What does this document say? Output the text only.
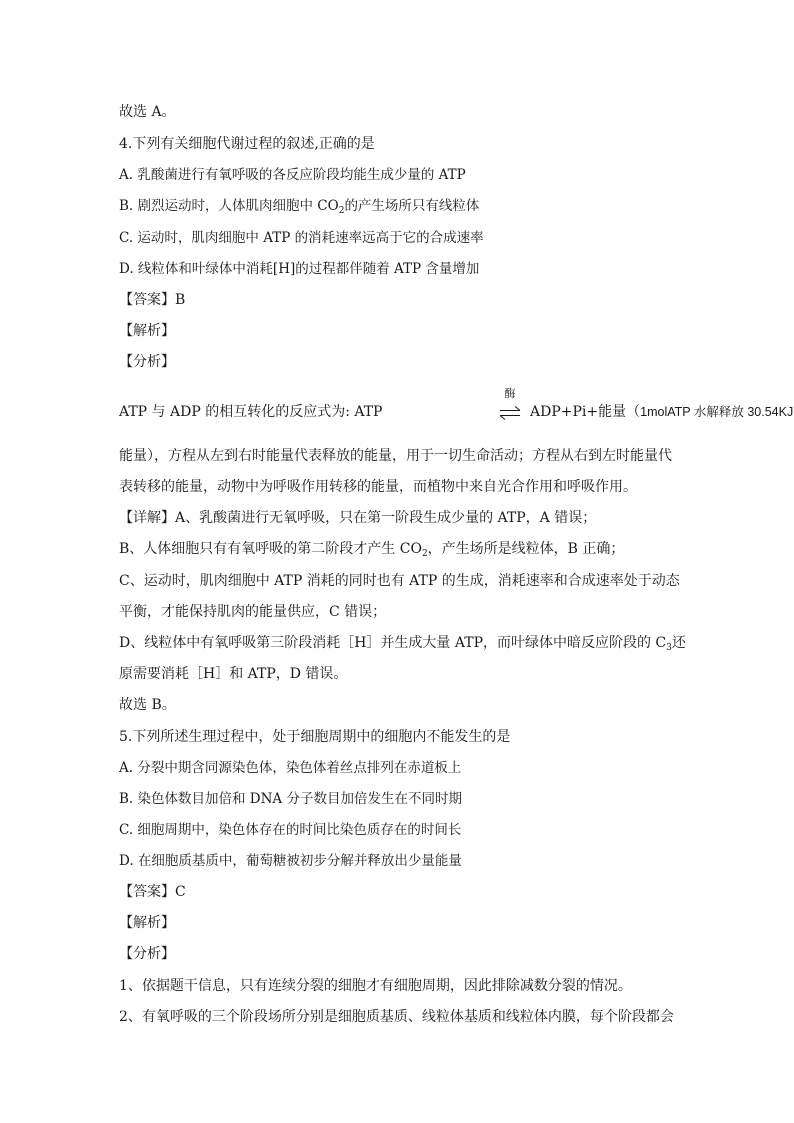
故选 A。
4.下列有关细胞代谢过程的叙述,正确的是
A. 乳酸菌进行有氧呼吸的各反应阶段均能生成少量的 ATP
B. 剧烈运动时，人体肌肉细胞中 $CO_2$的产生场所只有线粒体
C. 运动时，肌肉细胞中 ATP 的消耗速率远高于它的合成速率
D. 线粒体和叶绿体中消耗[H]的过程都伴随着 ATP 含量增加
【答案】B
【解析】
【分析】
ATP 与 ADP 的相互转化的反应式为: ATP
酶
ADP+Pi+能量（1molATP 水解释放 30.54KJ
能量），方程从左到右时能量代表释放的能量，用于一切生命活动；方程从右到左时能量代
表转移的能量，动物中为呼吸作用转移的能量，而植物中来自光合作用和呼吸作用。
【详解】A、乳酸菌进行无氧呼吸，只在第一阶段生成少量的 ATP，A 错误；
B、人体细胞只有有氧呼吸的第二阶段才产生 $CO_2$，产生场所是线粒体，B 正确；
C、运动时，肌肉细胞中 ATP 消耗的同时也有 ATP 的生成，消耗速率和合成速率处于动态
平衡，才能保持肌肉的能量供应，C 错误；
D、线粒体中有氧呼吸第三阶段消耗［H］并生成大量 ATP，而叶绿体中暗反应阶段的 $C_3$还
原需要消耗［H］和 ATP，D 错误。
故选 B。
5.下列所述生理过程中，处于细胞周期中的细胞内不能发生的是
A. 分裂中期含同源染色体，染色体着丝点排列在赤道板上
B. 染色体数目加倍和 DNA 分子数目加倍发生在不同时期
C. 细胞周期中，染色体存在的时间比染色质存在的时间长
D. 在细胞质基质中，葡萄糖被初步分解并释放出少量能量
【答案】C
【解析】
【分析】
1、依据题干信息，只有连续分裂的细胞才有细胞周期，因此排除减数分裂的情况。
2、有氧呼吸的三个阶段场所分别是细胞质基质、线粒体基质和线粒体内膜，每个阶段都会
